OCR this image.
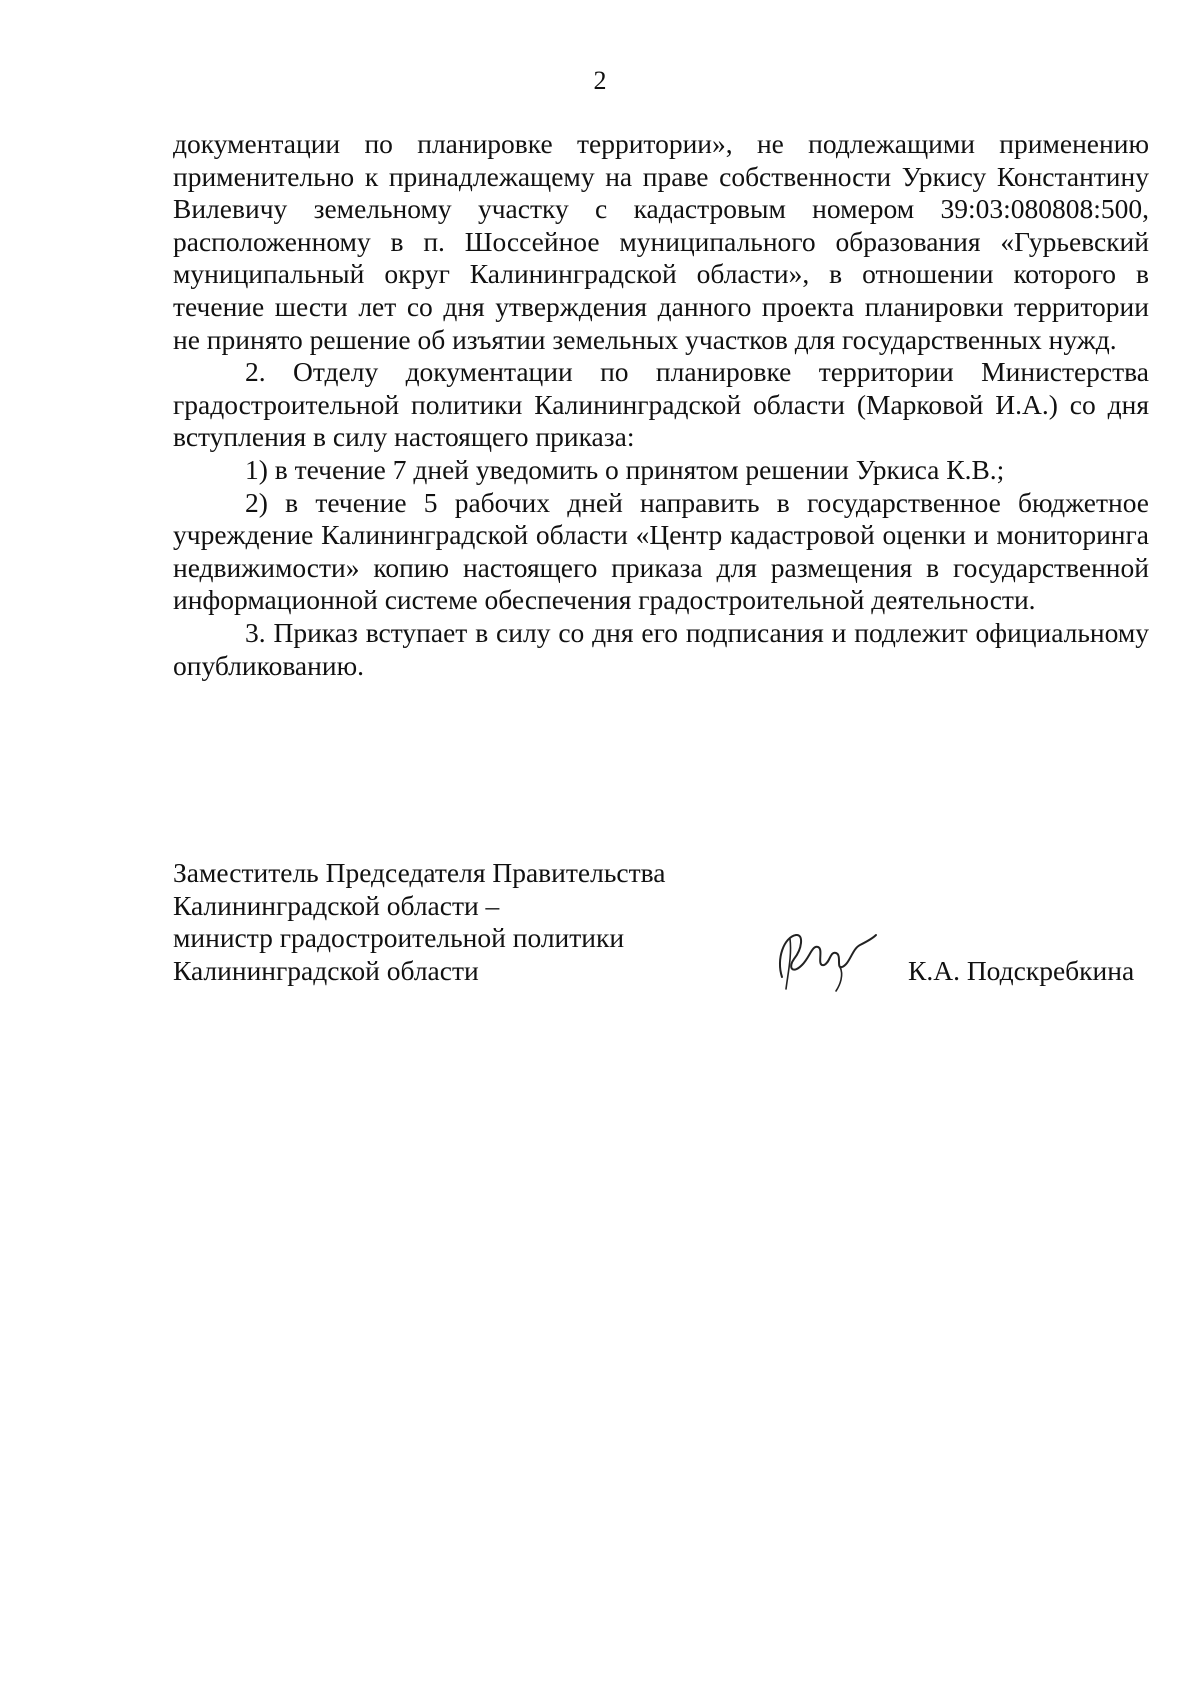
2

документации по планировке территории», не подлежащими применению применительно к принадлежащему на праве собственности Уркису Константину Вилевичу земельному участку с кадастровым номером 39:03:080808:500, расположенному в п. Шоссейное муниципального образования «Гурьевский муниципальный округ Калининградской области», в отношении которого в течение шести лет со дня утверждения данного проекта планировки территории не принято решение об изъятии земельных участков для государственных нужд.

2. Отделу документации по планировке территории Министерства градостроительной политики Калининградской области (Марковой И.А.) со дня вступления в силу настоящего приказа:

1) в течение 7 дней уведомить о принятом решении Уркиса К.В.;

2) в течение 5 рабочих дней направить в государственное бюджетное учреждение Калининградской области «Центр кадастровой оценки и мониторинга недвижимости» копию настоящего приказа для размещения в государственной информационной системе обеспечения градостроительной деятельности.

3. Приказ вступает в силу со дня его подписания и подлежит официальному опубликованию.

Заместитель Председателя Правительства
Калининградской области –
министр градостроительной политики
Калининградской области	К.А. Подскребкина
